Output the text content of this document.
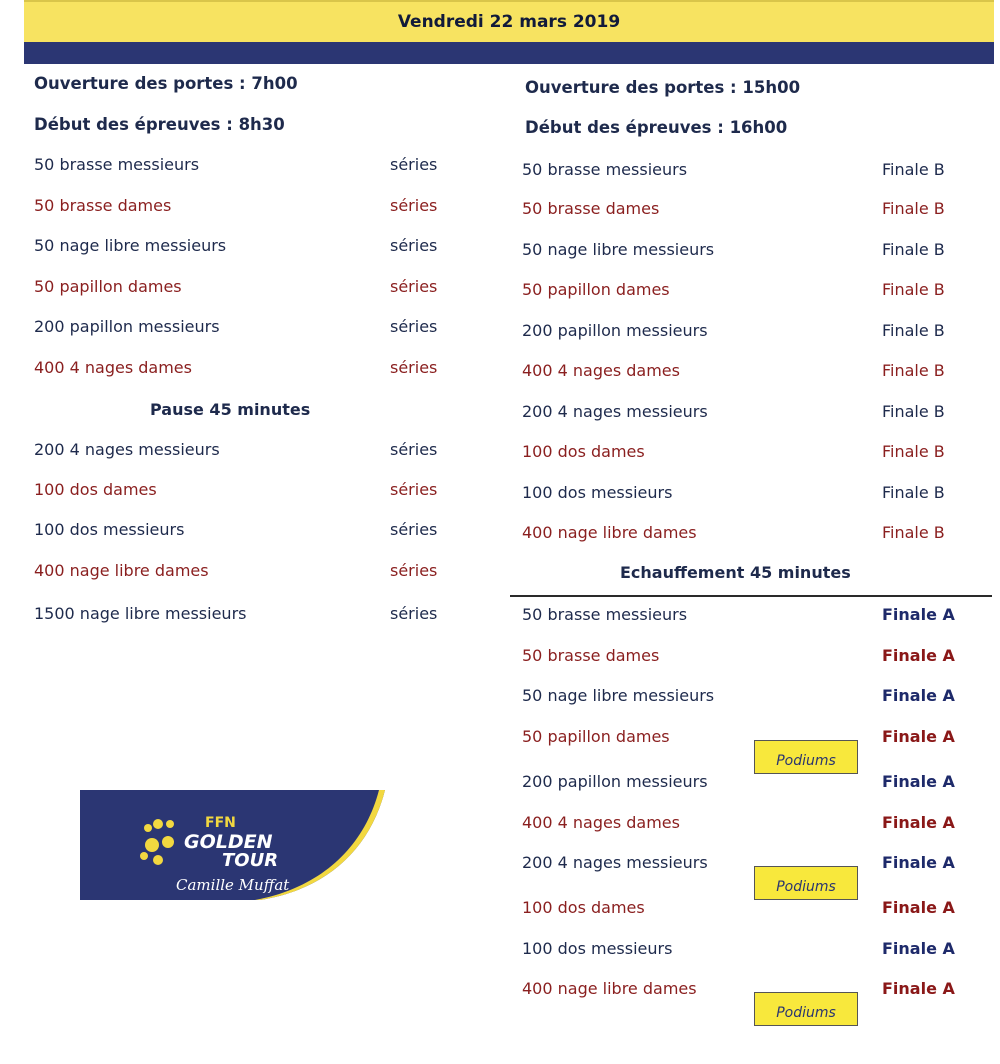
Vendredi 22 mars 2019
Ouverture des portes : 7h00
Début des épreuves : 8h30
50 brasse messieurs	séries
50 brasse dames	séries
50 nage libre messieurs	séries
50 papillon dames	séries
200 papillon messieurs	séries
400 4 nages dames	séries
Pause 45 minutes
200 4 nages messieurs	séries
100 dos dames	séries
100 dos messieurs	séries
400 nage libre dames	séries
1500 nage libre messieurs	séries
Ouverture des portes : 15h00
Début des épreuves : 16h00
50 brasse messieurs	Finale B
50 brasse dames	Finale B
50 nage libre messieurs	Finale B
50 papillon dames	Finale B
200 papillon messieurs	Finale B
400 4 nages dames	Finale B
200 4 nages messieurs	Finale B
100 dos dames	Finale B
100 dos messieurs	Finale B
400 nage libre dames	Finale B
Echauffement 45 minutes
50 brasse messieurs	Finale A
50 brasse dames	Finale A
50 nage libre messieurs	Finale A
50 papillon dames	Finale A
200 papillon messieurs	Finale A
400 4 nages dames	Finale A
200 4 nages messieurs	Finale A
100 dos dames	Finale A
100 dos messieurs	Finale A
400 nage libre dames	Finale A
Podiums
Podiums
Podiums
FFN
GOLDEN
TOUR
Camille Muffat
